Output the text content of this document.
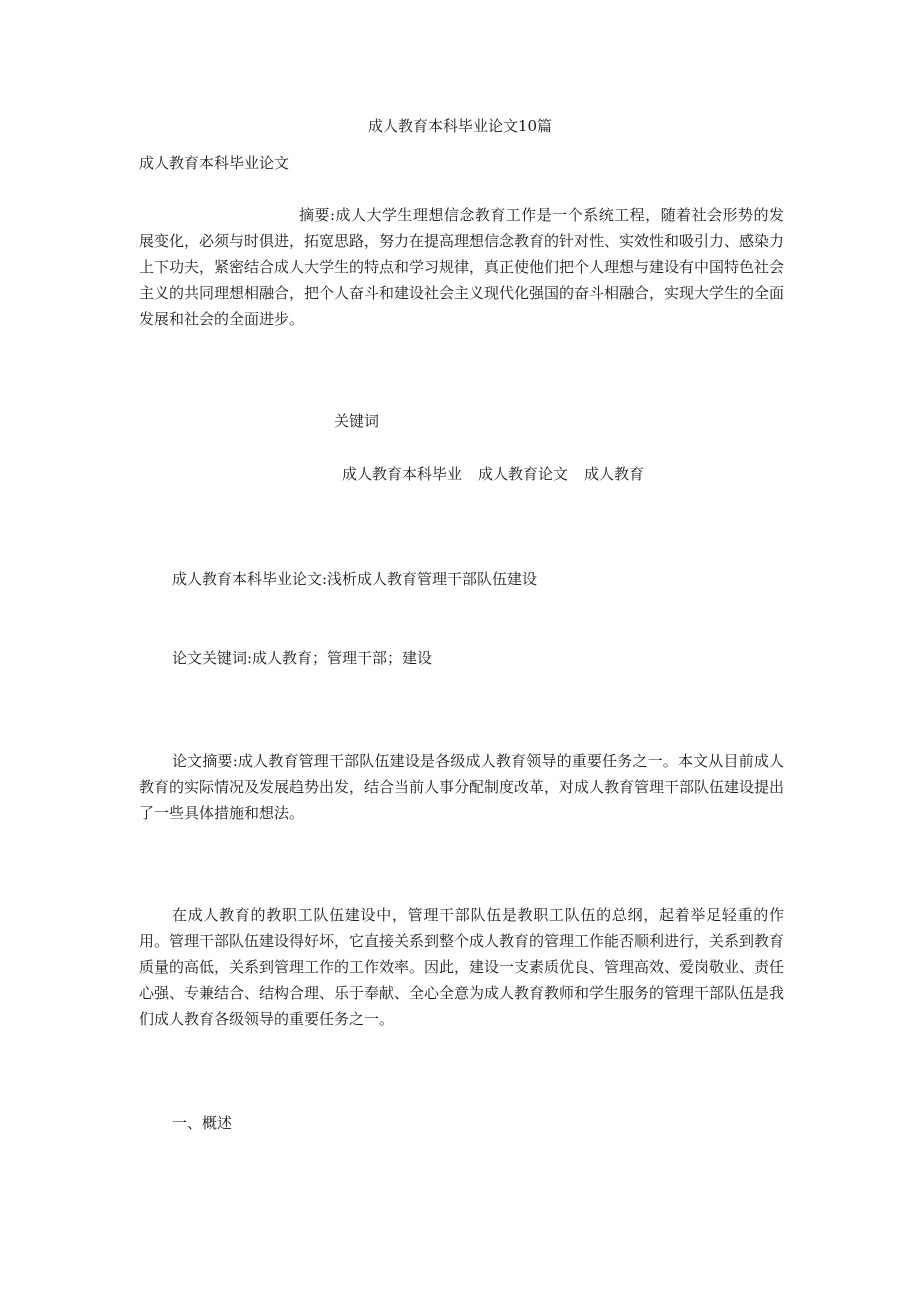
成人教育本科毕业论文10篇

成人教育本科毕业论文

摘要:成人大学生理想信念教育工作是一个系统工程，随着社会形势的发展变化，必须与时俱进，拓宽思路，努力在提高理想信念教育的针对性、实效性和吸引力、感染力上下功夫，紧密结合成人大学生的特点和学习规律，真正使他们把个人理想与建设有中国特色社会主义的共同理想相融合，把个人奋斗和建设社会主义现代化强国的奋斗相融合，实现大学生的全面发展和社会的全面进步。

关键词

成人教育本科毕业 成人教育论文 成人教育

成人教育本科毕业论文:浅析成人教育管理干部队伍建设

论文关键词:成人教育；管理干部；建设

论文摘要:成人教育管理干部队伍建设是各级成人教育领导的重要任务之一。本文从目前成人教育的实际情况及发展趋势出发，结合当前人事分配制度改革，对成人教育管理干部队伍建设提出了一些具体措施和想法。

在成人教育的教职工队伍建设中，管理干部队伍是教职工队伍的总纲，起着举足轻重的作用。管理干部队伍建设得好坏，它直接关系到整个成人教育的管理工作能否顺利进行，关系到教育质量的高低，关系到管理工作的工作效率。因此，建设一支素质优良、管理高效、爱岗敬业、责任心强、专兼结合、结构合理、乐于奉献、全心全意为成人教育教师和学生服务的管理干部队伍是我们成人教育各级领导的重要任务之一。

一、概述
